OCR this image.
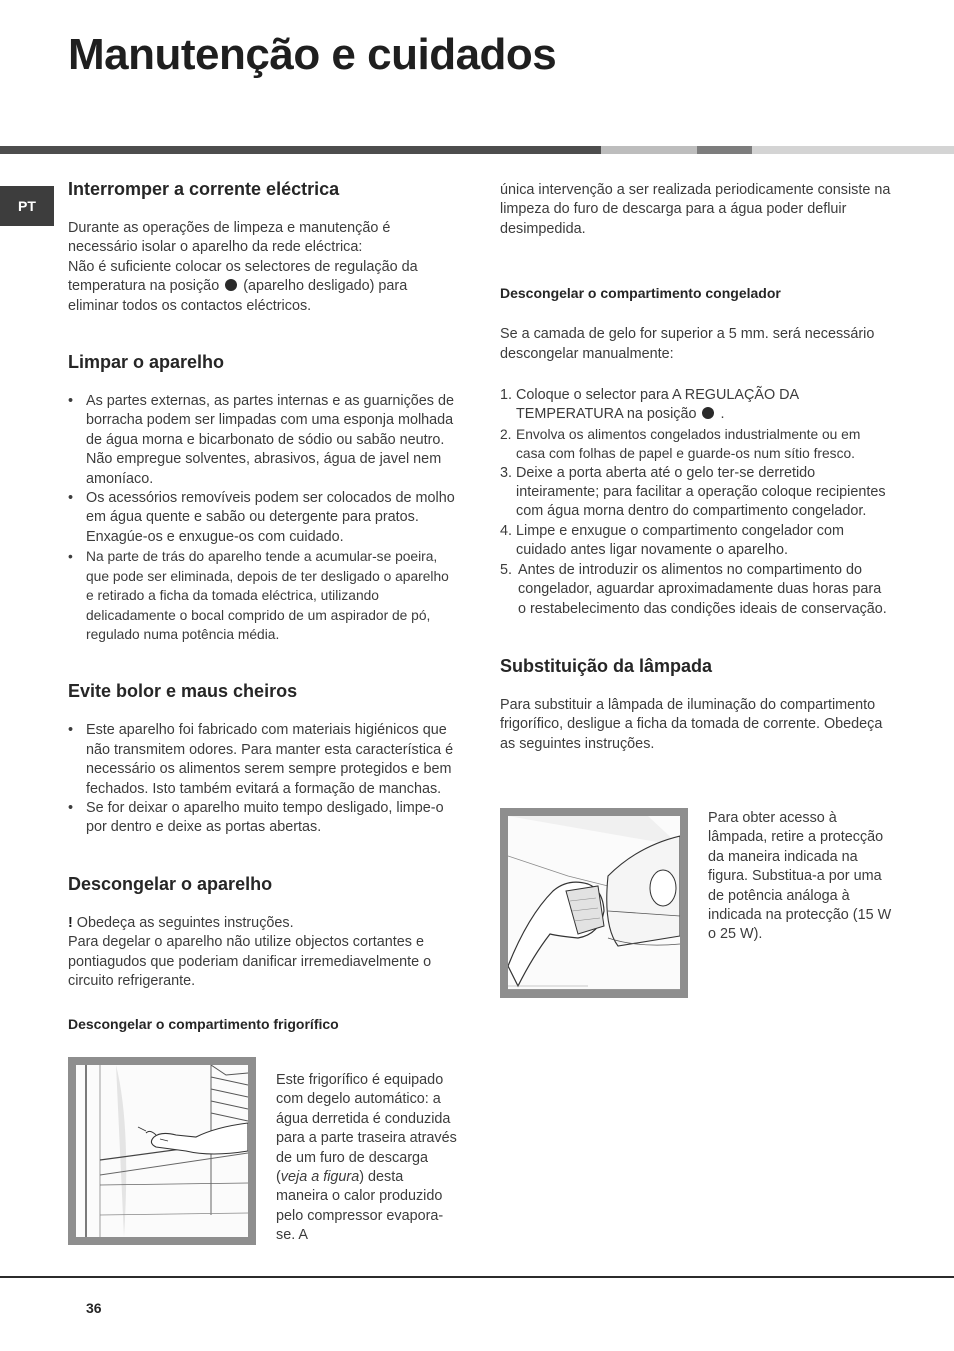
Manutenção e cuidados
PT
Interromper a corrente eléctrica

Durante as operações de limpeza e manutenção é necessário isolar o aparelho da rede eléctrica:

Não é suficiente colocar os selectores de regulação da temperatura na posição (aparelho desligado) para eliminar todos os contactos eléctricos.

Limpar o aparelho
• As partes externas, as partes internas e as guarnições de borracha podem ser limpadas com uma esponja molhada de água morna e bicarbonato de sódio ou sabão neutro. Não empregue solventes, abrasivos, água de javel nem amoníaco.
• Os acessórios removíveis podem ser colocados de molho em água quente e sabão ou detergente para pratos. Enxagúe-os e enxugue-os com cuidado.
• Na parte de trás do aparelho tende a acumular-se poeira, que pode ser eliminada, depois de ter desligado o aparelho e retirado a ficha da tomada eléctrica, utilizando delicadamente o bocal comprido de um aspirador de pó, regulado numa potência média.
Evite bolor e maus cheiros
• Este aparelho foi fabricado com materiais higiénicos que não transmitem odores. Para manter esta característica é necessário os alimentos serem sempre protegidos e bem fechados. Isto também evitará a formação de manchas.
• Se for deixar o aparelho muito tempo desligado, limpe-o por dentro e deixe as portas abertas.
Descongelar o aparelho

! Obedeça as seguintes instruções.

Para degelar o aparelho não utilize objectos cortantes e pontiagudos que poderiam danificar irremediavelmente o circuito refrigerante.

Descongelar o compartimento frigorífico

Este frigorífico é equipado com degelo automático: a água derretida é conduzida para a parte traseira através de um furo de descarga (veja a figura) desta maneira o calor produzido pelo compressor evapora-se. A

única intervenção a ser realizada periodicamente consiste na limpeza do furo de descarga para a água poder defluir desimpedida.

Descongelar o compartimento congelador

Se a camada de gelo for superior a 5 mm. será necessário descongelar manualmente:

1. Coloque o selector para A REGULAÇÃO DA TEMPERATURA na posição .
2. Envolva os alimentos congelados industrialmente ou em casa com folhas de papel e guarde-os num sítio fresco.
3. Deixe a porta aberta até o gelo ter-se derretido inteiramente; para facilitar a operação coloque recipientes com água morna dentro do compartimento congelador.
4. Limpe e enxugue o compartimento congelador com cuidado antes ligar novamente o aparelho.
5. Antes de introduzir os alimentos no compartimento do congelador, aguardar aproximadamente duas horas para o restabelecimento das condições ideais de conservação.
Substituição da lâmpada

Para substituir a lâmpada de iluminação do compartimento frigorífico, desligue a ficha da tomada de corrente. Obedeça as seguintes instruções.

Para obter acesso à lâmpada, retire a protecção da maneira indicada na figura. Substitua-a por uma de potência análoga à indicada na protecção (15 W o 25 W).

36
